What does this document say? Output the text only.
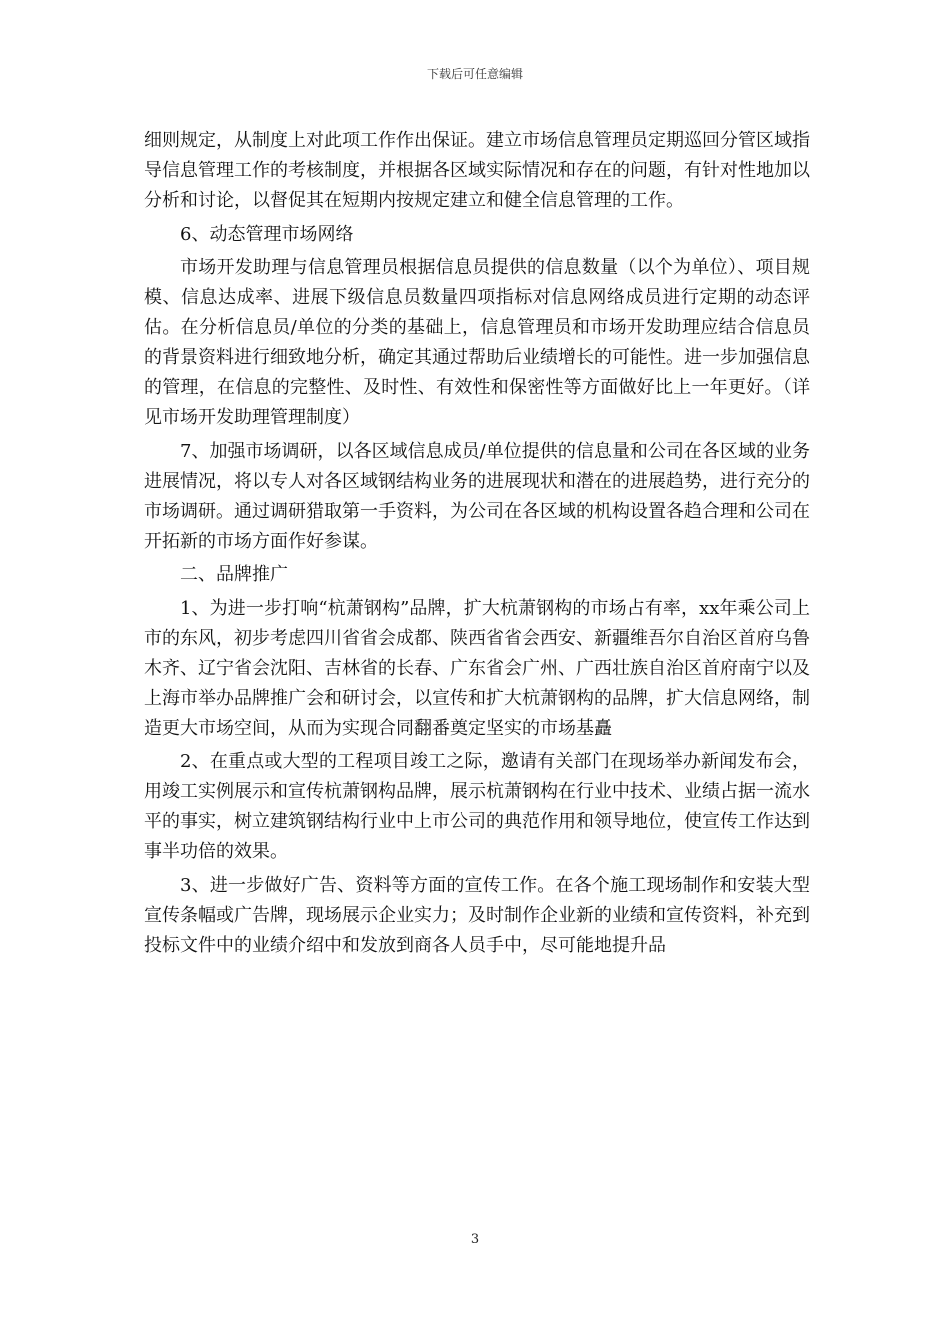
下载后可任意编辑

细则规定，从制度上对此项工作作出保证。建立市场信息管理员定期巡回分管区域指导信息管理工作的考核制度，并根据各区域实际情况和存在的问题，有针对性地加以分析和讨论，以督促其在短期内按规定建立和健全信息管理的工作。

6、动态管理市场网络

市场开发助理与信息管理员根据信息员提供的信息数量（以个为单位）、项目规模、信息达成率、进展下级信息员数量四项指标对信息网络成员进行定期的动态评估。在分析信息员/单位的分类的基础上，信息管理员和市场开发助理应结合信息员的背景资料进行细致地分析，确定其通过帮助后业绩增长的可能性。进一步加强信息的管理，在信息的完整性、及时性、有效性和保密性等方面做好比上一年更好。（详见市场开发助理管理制度）

7、加强市场调研，以各区域信息成员/单位提供的信息量和公司在各区域的业务进展情况，将以专人对各区域钢结构业务的进展现状和潜在的进展趋势，进行充分的市场调研。通过调研猎取第一手资料，为公司在各区域的机构设置各趋合理和公司在开拓新的市场方面作好参谋。

二、品牌推广

1、为进一步打响“杭萧钢构”品牌，扩大杭萧钢构的市场占有率，xx年乘公司上市的东风，初步考虑四川省省会成都、陕西省省会西安、新疆维吾尔自治区首府乌鲁木齐、辽宁省会沈阳、吉林省的长春、广东省会广州、广西壮族自治区首府南宁以及上海市举办品牌推广会和研讨会，以宣传和扩大杭萧钢构的品牌，扩大信息网络，制造更大市场空间，从而为实现合同翻番奠定坚实的市场基矗

2、在重点或大型的工程项目竣工之际，邀请有关部门在现场举办新闻发布会，用竣工实例展示和宣传杭萧钢构品牌，展示杭萧钢构在行业中技术、业绩占据一流水平的事实，树立建筑钢结构行业中上市公司的典范作用和领导地位，使宣传工作达到事半功倍的效果。

3、进一步做好广告、资料等方面的宣传工作。在各个施工现场制作和安装大型宣传条幅或广告牌，现场展示企业实力；及时制作企业新的业绩和宣传资料，补充到投标文件中的业绩介绍中和发放到商各人员手中，尽可能地提升品

3
